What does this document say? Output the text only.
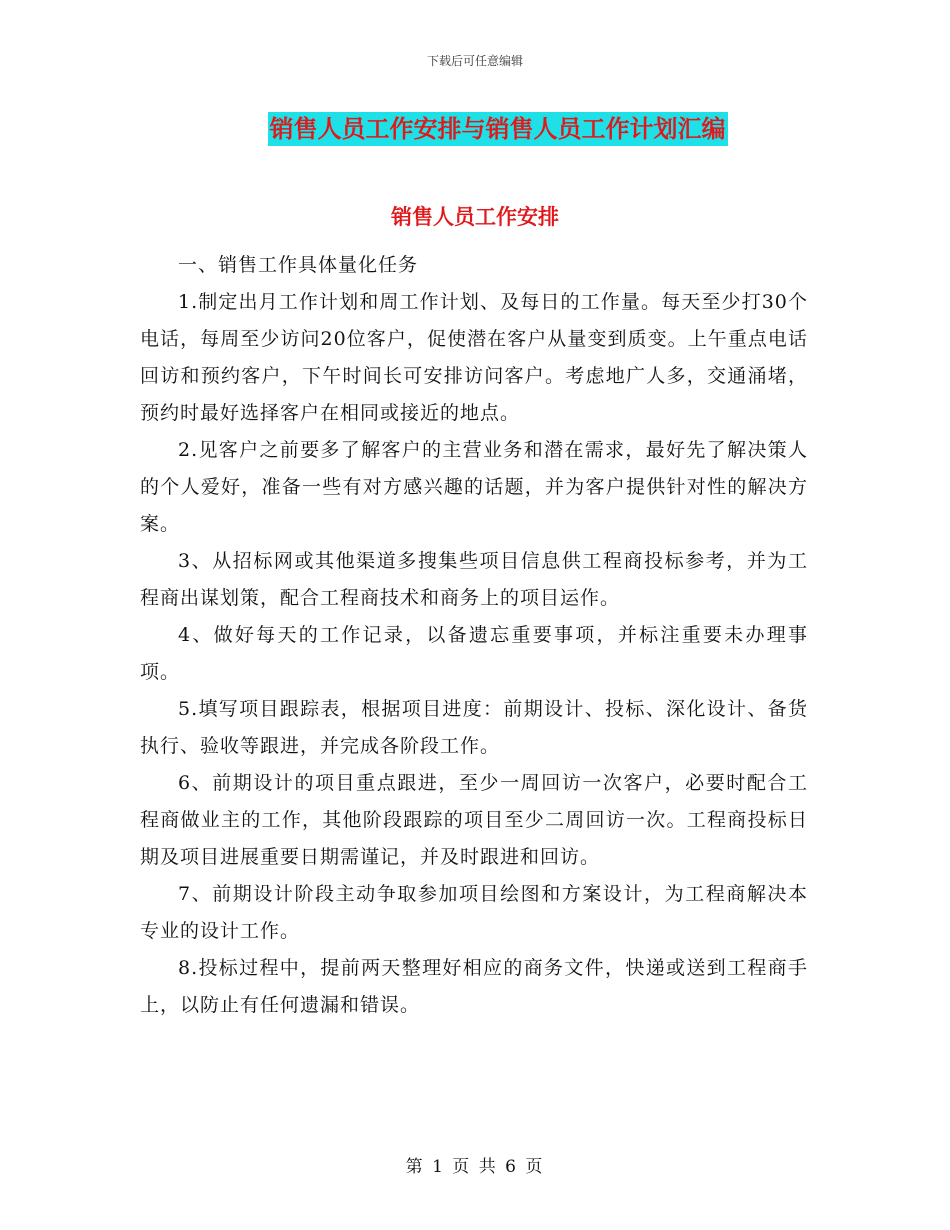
下载后可任意编辑
销售人员工作安排与销售人员工作计划汇编
销售人员工作安排

一、销售工作具体量化任务

1.制定出月工作计划和周工作计划、及每日的工作量。每天至少打30个电话，每周至少访问20位客户，促使潜在客户从量变到质变。上午重点电话回访和预约客户，下午时间长可安排访问客户。考虑地广人多，交通涌堵，预约时最好选择客户在相同或接近的地点。

2.见客户之前要多了解客户的主营业务和潜在需求，最好先了解决策人的个人爱好，准备一些有对方感兴趣的话题，并为客户提供针对性的解决方案。

3、从招标网或其他渠道多搜集些项目信息供工程商投标参考，并为工程商出谋划策，配合工程商技术和商务上的项目运作。

4、做好每天的工作记录，以备遗忘重要事项，并标注重要未办理事项。

5.填写项目跟踪表，根据项目进度：前期设计、投标、深化设计、备货执行、验收等跟进，并完成各阶段工作。

6、前期设计的项目重点跟进，至少一周回访一次客户，必要时配合工程商做业主的工作，其他阶段跟踪的项目至少二周回访一次。工程商投标日期及项目进展重要日期需谨记，并及时跟进和回访。

7、前期设计阶段主动争取参加项目绘图和方案设计，为工程商解决本专业的设计工作。

8.投标过程中，提前两天整理好相应的商务文件，快递或送到工程商手上，以防止有任何遗漏和错误。

第 1 页 共 6 页
